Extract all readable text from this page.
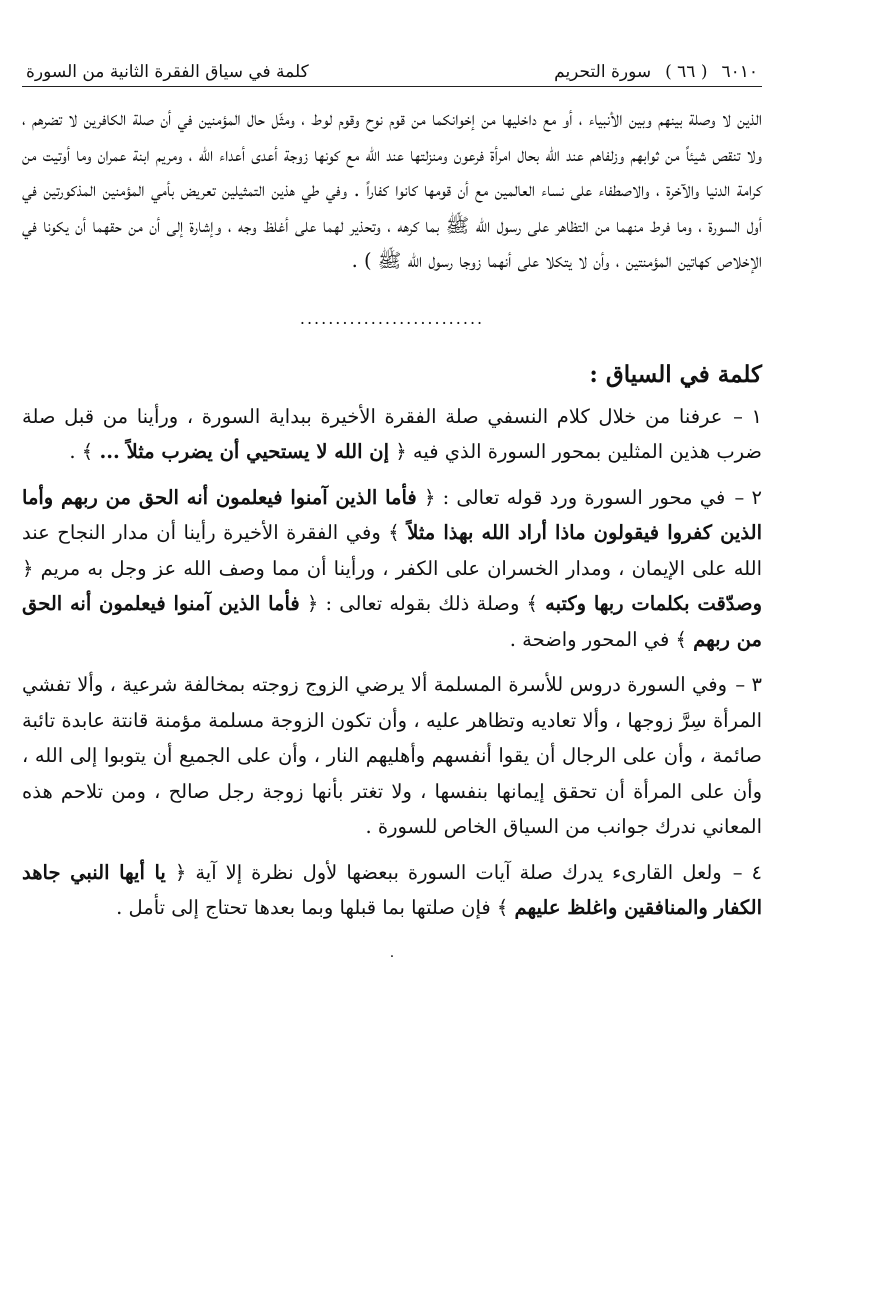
٦٠١٠
( ٦٦ )
سورة التحريم
كلمة في سياق الفقرة الثانية من السورة

الذين لا وصلة بينهم وبين الأنبياء ، أو مع داخليها من إخوانكما من قوم نوح وقوم لوط ، ومثّل حال المؤمنين في أن صلة الكافرين لا تضرهم ، ولا تنقص شيئاً من ثوابهم وزلفاهم عند الله بحال امرأة فرعون ومنزلتها عند الله مع كونها زوجة أعدى أعداء الله ، ومريم ابنة عمران وما أوتيت من كرامة الدنيا والآخرة ، والاصطفاء على نساء العالمين مع أن قومها كانوا كفاراً . وفي طي هذين التمثيلين تعريض بأمي المؤمنين المذكورتين في أول السورة ، وما فرط منهما من التظاهر على رسول الله ﷺ بما كرهه ، وتحذير لهما على أغلظ وجه ، وإشارة إلى أن من حقهما أن يكونا في الإخلاص كهاتين المؤمنتين ، وأن لا يتكلا على أنهما زوجا رسول الله ﷺ ) .

..........................
كلمة في السياق :

١ – عرفنا من خلال كلام النسفي صلة الفقرة الأخيرة ببداية السورة ، ورأينا من قبل صلة ضرب هذين المثلين بمحور السورة الذي فيه ﴿ إن الله لا يستحيي أن يضرب مثلاً ... ﴾ .

٢ – في محور السورة ورد قوله تعالى : ﴿ فأما الذين آمنوا فيعلمون أنه الحق من ربهم وأما الذين كفروا فيقولون ماذا أراد الله بهذا مثلاً ﴾ وفي الفقرة الأخيرة رأينا أن مدار النجاح عند الله على الإيمان ، ومدار الخسران على الكفر ، ورأينا أن مما وصف الله عز وجل به مريم ﴿ وصدّقت بكلمات ربها وكتبه ﴾ وصلة ذلك بقوله تعالى : ﴿ فأما الذين آمنوا فيعلمون أنه الحق من ربهم ﴾ في المحور واضحة .

٣ – وفي السورة دروس للأسرة المسلمة ألا يرضي الزوج زوجته بمخالفة شرعية ، وألا تفشي المرأة سِرَّ زوجها ، وألا تعاديه وتظاهر عليه ، وأن تكون الزوجة مسلمة مؤمنة قانتة عابدة تائبة صائمة ، وأن على الرجال أن يقوا أنفسهم وأهليهم النار ، وأن على الجميع أن يتوبوا إلى الله ، وأن على المرأة أن تحقق إيمانها بنفسها ، ولا تغتر بأنها زوجة رجل صالح ، ومن تلاحم هذه المعاني ندرك جوانب من السياق الخاص للسورة .

٤ – ولعل القارىء يدرك صلة آيات السورة ببعضها لأول نظرة إلا آية ﴿ يا أيها النبي جاهد الكفار والمنافقين واغلظ عليهم ﴾ فإن صلتها بما قبلها وبما بعدها تحتاج إلى تأمل .

.
